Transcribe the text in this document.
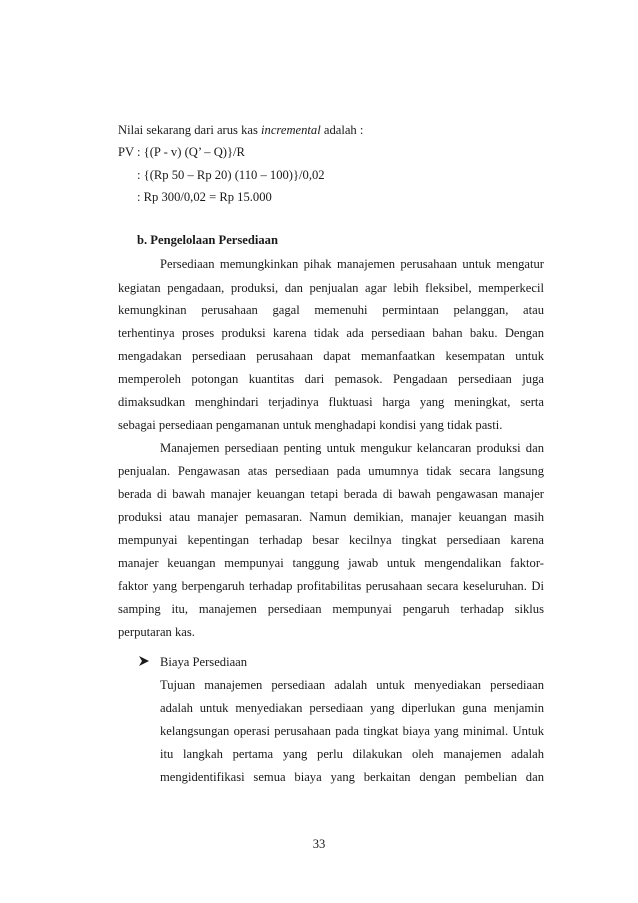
Nilai sekarang dari arus kas incremental adalah :
PV : {(P - v) (Q’ – Q)}/R
: {(Rp 50 – Rp 20) (110 – 100)}/0,02
: Rp 300/0,02 = Rp 15.000
b. Pengelolaan Persediaan
Persediaan memungkinkan pihak manajemen perusahaan untuk mengatur
kegiatan pengadaan, produksi, dan penjualan agar lebih fleksibel, memperkecil
kemungkinan perusahaan gagal memenuhi permintaan pelanggan, atau
terhentinya proses produksi karena tidak ada persediaan bahan baku. Dengan
mengadakan persediaan perusahaan dapat memanfaatkan kesempatan untuk
memperoleh potongan kuantitas dari pemasok. Pengadaan persediaan juga
dimaksudkan menghindari terjadinya fluktuasi harga yang meningkat, serta
sebagai persediaan pengamanan untuk menghadapi kondisi yang tidak pasti.
Manajemen persediaan penting untuk mengukur kelancaran produksi dan
penjualan. Pengawasan atas persediaan pada umumnya tidak secara langsung
berada di bawah manajer keuangan tetapi berada di bawah pengawasan manajer
produksi atau manajer pemasaran. Namun demikian, manajer keuangan masih
mempunyai kepentingan terhadap besar kecilnya tingkat persediaan karena
manajer keuangan mempunyai tanggung jawab untuk mengendalikan faktor-
faktor yang berpengaruh terhadap profitabilitas perusahaan secara keseluruhan. Di
samping itu, manajemen persediaan mempunyai pengaruh terhadap siklus
perputaran kas.
Biaya Persediaan
Tujuan manajemen persediaan adalah untuk menyediakan persediaan
adalah untuk menyediakan persediaan yang diperlukan guna menjamin
kelangsungan operasi perusahaan pada tingkat biaya yang minimal. Untuk
itu langkah pertama yang perlu dilakukan oleh manajemen adalah
mengidentifikasi semua biaya yang berkaitan dengan pembelian dan
33
